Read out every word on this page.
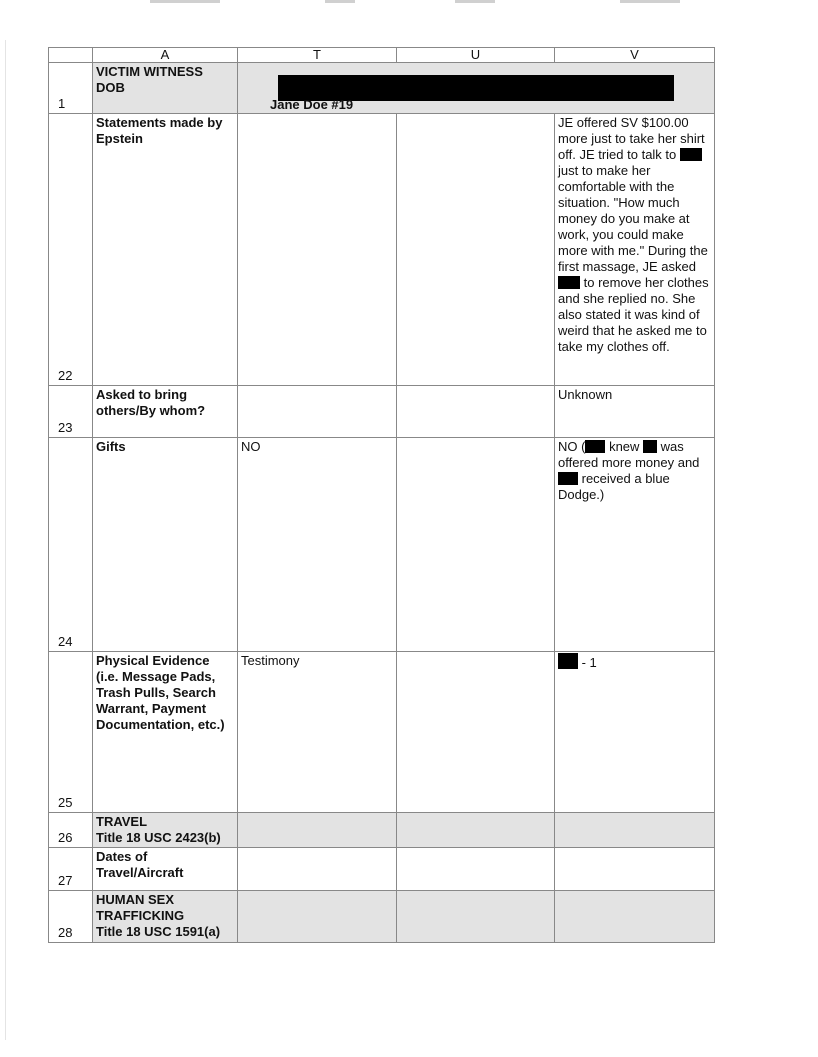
	A	T	U	V
1	VICTIM WITNESS
DOB	Jane Doe #19		

22	Statements made by
Epstein			JE offered SV $100.00 more just to take her shirt off. JE tried to talk to  just to make her comfortable with the situation. "How much money do you make at work, you could make more with me." During the first massage, JE asked  to remove her clothes and she replied no. She also stated it was kind of weird that he asked me to take my clothes off.
23	Asked to bring
others/By whom?			Unknown
24	Gifts	NO		NO ( knew  was offered more money and  received a blue Dodge.)
25	Physical Evidence
(i.e. Message Pads,
Trash Pulls, Search
Warrant, Payment
Documentation, etc.)	Testimony		- 1
26	TRAVEL
Title 18 USC 2423(b)			
27	Dates of
Travel/Aircraft			
28	HUMAN SEX
TRAFFICKING
Title 18 USC 1591(a)			
